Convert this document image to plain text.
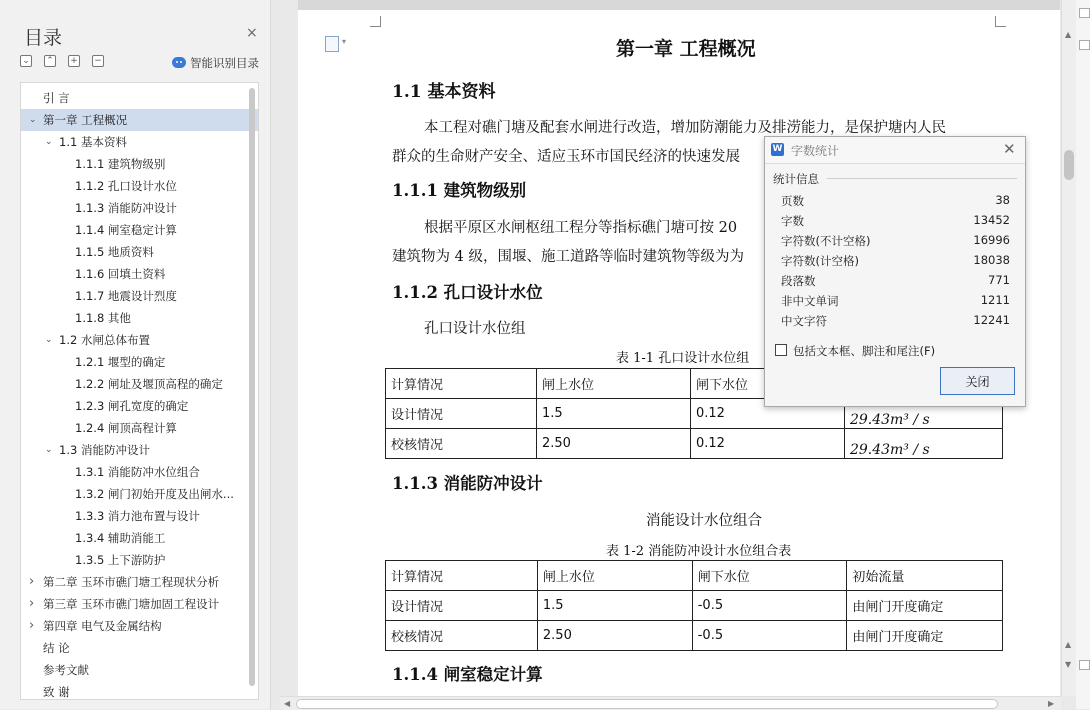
目录	×
⌄ ⌃ + −	智能识别目录
引 言
⌄ 第一章 工程概况
⌄ 1.1 基本资料
1.1.1 建筑物级别
1.1.2 孔口设计水位
1.1.3 消能防冲设计
1.1.4 闸室稳定计算
1.1.5 地质资料
1.1.6 回填土资料
1.1.7 地震设计烈度
1.1.8 其他
⌄ 1.2 水闸总体布置
1.2.1 堰型的确定
1.2.2 闸址及堰顶高程的确定
1.2.3 闸孔宽度的确定
1.2.4 闸顶高程计算
⌄ 1.3 消能防冲设计
1.3.1 消能防冲水位组合
1.3.2 闸门初始开度及出闸水...
1.3.3 消力池布置与设计
1.3.4 辅助消能工
1.3.5 上下游防护
› 第二章 玉环市礁门塘工程现状分析
› 第三章 玉环市礁门塘加固工程设计
› 第四章 电气及金属结构
结 论
参考文献
致 谢
▾
第一章 工程概况
1.1 基本资料
本工程对礁门塘及配套水闸进行改造，增加防潮能力及排涝能力，是保护塘内人民
群众的生命财产安全、适应玉环市国民经济的快速发展
1.1.1 建筑物级别
根据平原区水闸枢纽工程分等指标礁门塘可按 20
建筑物为 4 级，围堰、施工道路等临时建筑物等级为为
1.1.2 孔口设计水位
孔口设计水位组
表 1-1 孔口设计水位组
计算情况	闸上水位	闸下水位	
设计情况	1.5	0.12	29.43m³ / s
校核情况	2.50	0.12	29.43m³ / s
1.1.3 消能防冲设计
消能设计水位组合
表 1-2 消能防冲设计水位组合表
计算情况	闸上水位	闸下水位	初始流量
设计情况	1.5	-0.5	由闸门开度确定
校核情况	2.50	-0.5	由闸门开度确定
1.1.4 闸室稳定计算
▲
▲
▼
◀	▶
W 字数统计	✕
统计信息
页数	38
字数	13452
字符数(不计空格)	16996
字符数(计空格)	18038
段落数	771
非中文单词	1211
中文字符	12241
包括文本框、脚注和尾注(F)
关闭
